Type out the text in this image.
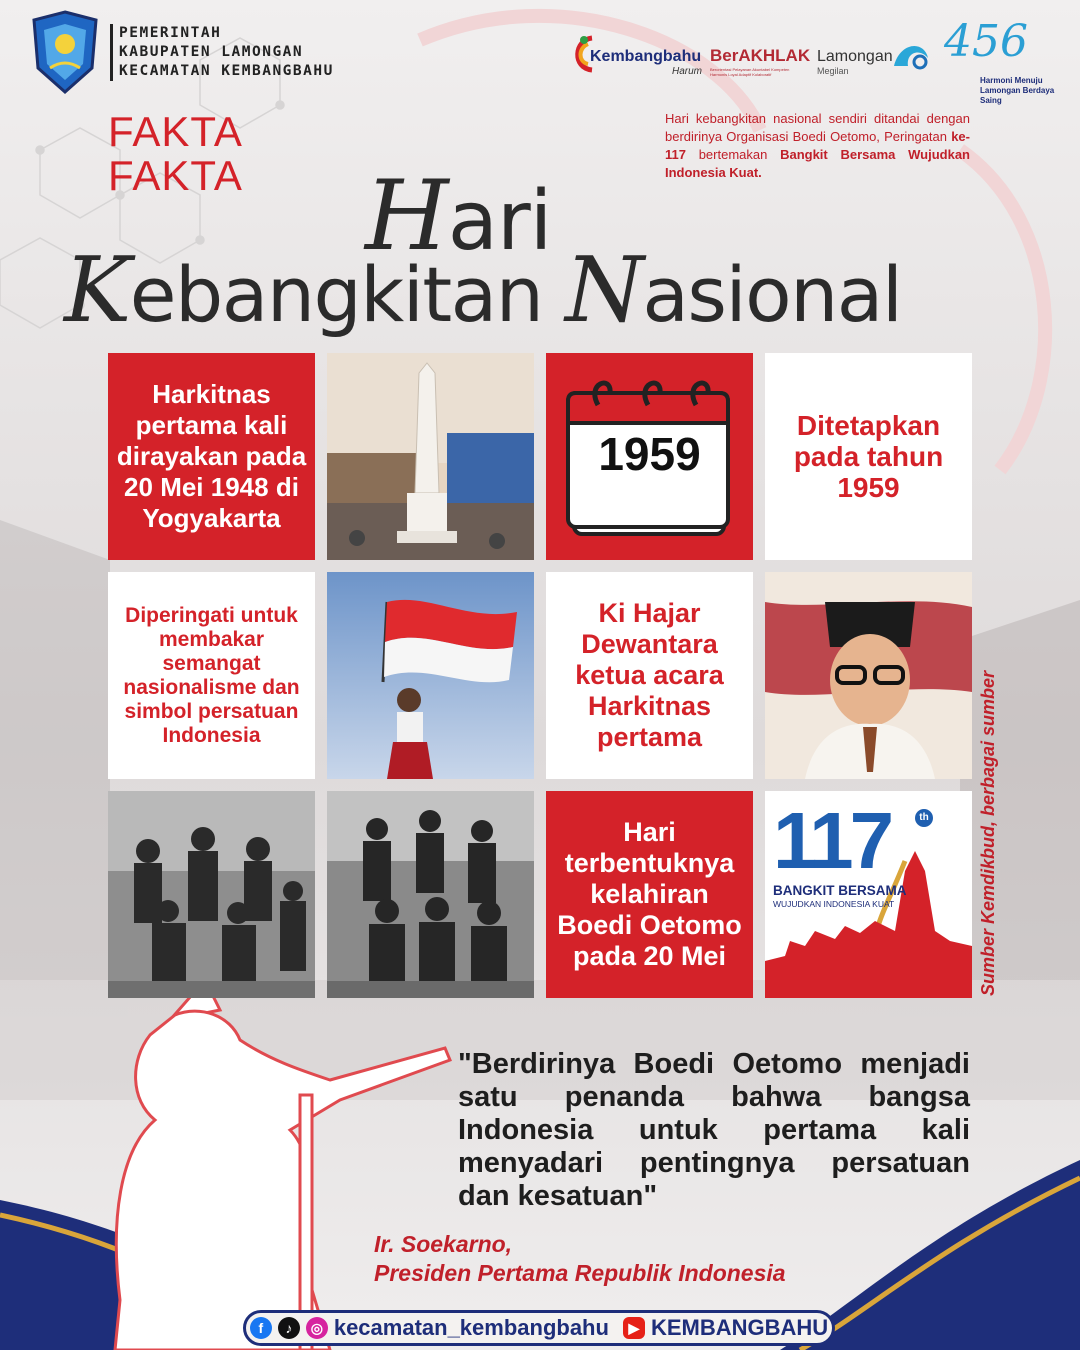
PEMERINTAH
KABUPATEN LAMONGAN
KECAMATAN KEMBANGBAHU
Kembangbahu
Harum
BerAKHLAK
Berorientasi Pelayanan Akuntabel Kompeten Harmonis Loyal Adaptif Kolaboratif
Lamongan
Megilan
456
Harmoni Menuju
Lamongan Berdaya Saing
Hari kebangkitan nasional sendiri ditandai dengan berdirinya Organisasi Boedi Oetomo, Peringatan ke-117 bertemakan Bangkit Bersama Wujudkan Indonesia Kuat.
FAKTA
FAKTA Hari
Kebangkitan Nasional
Harkitnas pertama kali dirayakan pada 20 Mei 1948 di Yogyakarta
1959
Ditetapkan pada tahun 1959
Diperingati untuk membakar semangat nasionalisme dan simbol persatuan Indonesia
Ki Hajar Dewantara ketua acara Harkitnas pertama
Hari terbentuknya kelahiran Boedi Oetomo pada 20 Mei
117	th
BANGKIT BERSAMA
WUJUDKAN INDONESIA KUAT	Sumber Kemdikbud, berbagai sumber
"Berdirinya Boedi Oetomo menjadi satu penanda bahwa bangsa Indonesia untuk pertama kali menyadari pentingnya persatuan dan kesatuan"
Ir. Soekarno,
Presiden Pertama Republik Indonesia
f	♪	◎ kecamatan_kembangbahu	▶ KEMBANGBAHU
